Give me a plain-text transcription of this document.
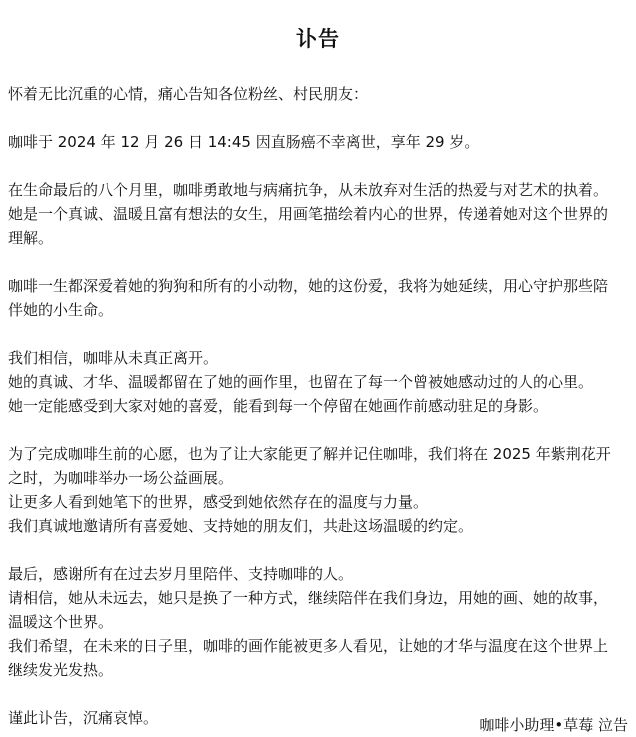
讣告

怀着无比沉重的心情，痛心告知各位粉丝、村民朋友：

咖啡于 2024 年 12 月 26 日 14:45 因直肠癌不幸离世，享年 29 岁。

在生命最后的八个月里，咖啡勇敢地与病痛抗争，从未放弃对生活的热爱与对艺术的执着。
她是一个真诚、温暖且富有想法的女生，用画笔描绘着内心的世界，传递着她对这个世界的
理解。

咖啡一生都深爱着她的狗狗和所有的小动物，她的这份爱，我将为她延续，用心守护那些陪
伴她的小生命。

我们相信，咖啡从未真正离开。
她的真诚、才华、温暖都留在了她的画作里，也留在了每一个曾被她感动过的人的心里。
她一定能感受到大家对她的喜爱，能看到每一个停留在她画作前感动驻足的身影。

为了完成咖啡生前的心愿，也为了让大家能更了解并记住咖啡，我们将在 2025 年紫荆花开
之时，为咖啡举办一场公益画展。
让更多人看到她笔下的世界，感受到她依然存在的温度与力量。
我们真诚地邀请所有喜爱她、支持她的朋友们，共赴这场温暖的约定。

最后，感谢所有在过去岁月里陪伴、支持咖啡的人。
请相信，她从未远去，她只是换了一种方式，继续陪伴在我们身边，用她的画、她的故事，
温暖这个世界。
我们希望，在未来的日子里，咖啡的画作能被更多人看见，让她的才华与温度在这个世界上
继续发光发热。

谨此讣告，沉痛哀悼。	咖啡小助理•草莓 泣告
